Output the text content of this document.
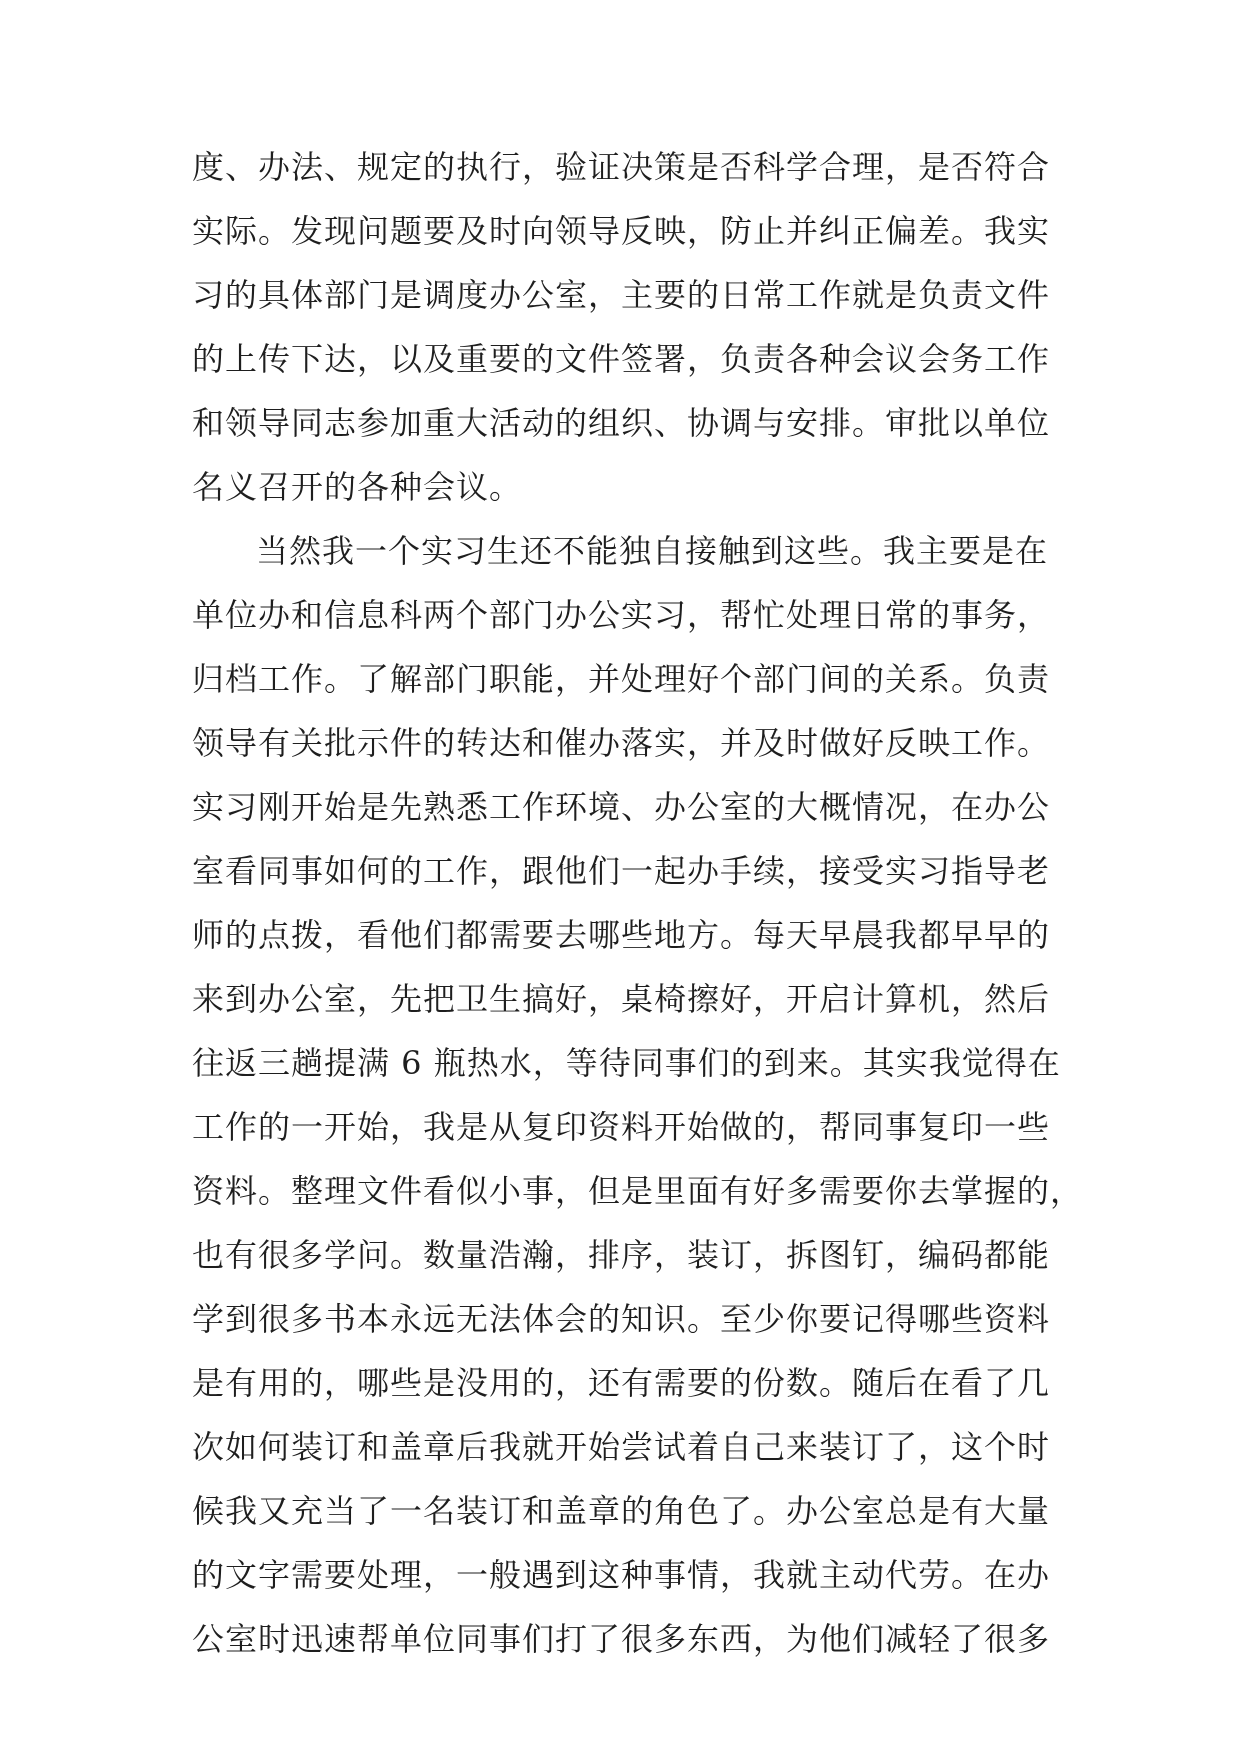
度、办法、规定的执行，验证决策是否科学合理，是否符合
实际。发现问题要及时向领导反映，防止并纠正偏差。我实
习的具体部门是调度办公室，主要的日常工作就是负责文件
的上传下达，以及重要的文件签署，负责各种会议会务工作
和领导同志参加重大活动的组织、协调与安排。审批以单位
名义召开的各种会议。
当然我一个实习生还不能独自接触到这些。我主要是在
单位办和信息科两个部门办公实习，帮忙处理日常的事务，
归档工作。了解部门职能，并处理好个部门间的关系。负责
领导有关批示件的转达和催办落实，并及时做好反映工作。
实习刚开始是先熟悉工作环境、办公室的大概情况，在办公
室看同事如何的工作，跟他们一起办手续，接受实习指导老
师的点拨，看他们都需要去哪些地方。每天早晨我都早早的
来到办公室，先把卫生搞好，桌椅擦好，开启计算机，然后
往返三趟提满 6 瓶热水，等待同事们的到来。其实我觉得在
工作的一开始，我是从复印资料开始做的，帮同事复印一些
资料。整理文件看似小事，但是里面有好多需要你去掌握的，
也有很多学问。数量浩瀚，排序，装订，拆图钉，编码都能
学到很多书本永远无法体会的知识。至少你要记得哪些资料
是有用的，哪些是没用的，还有需要的份数。随后在看了几
次如何装订和盖章后我就开始尝试着自己来装订了，这个时
候我又充当了一名装订和盖章的角色了。办公室总是有大量
的文字需要处理，一般遇到这种事情，我就主动代劳。在办
公室时迅速帮单位同事们打了很多东西，为他们减轻了很多
